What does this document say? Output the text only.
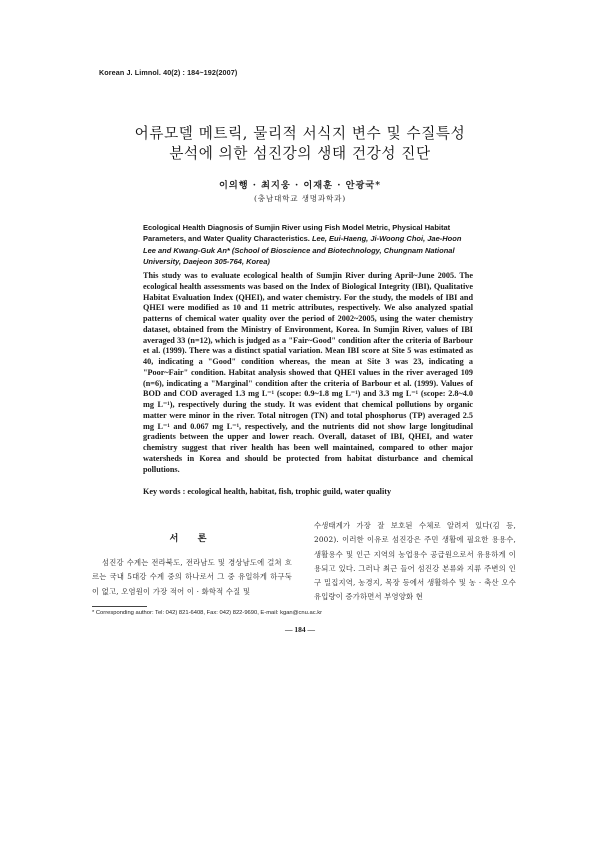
Korean J. Limnol. 40(2) : 184~192(2007)
어류모델 메트릭, 물리적 서식지 변수 및 수질특성
분석에 의한 섬진강의 생태 건강성 진단
이의행 · 최지웅 · 이재훈 · 안광국*
(충남대학교 생명과학과)
Ecological Health Diagnosis of Sumjin River using Fish Model Metric, Physical Habitat Parameters, and Water Quality Characteristics. Lee, Eui-Haeng, Ji-Woong Choi, Jae-Hoon Lee and Kwang-Guk An* (School of Bioscience and Biotechnology, Chungnam National University, Daejeon 305-764, Korea)
This study was to evaluate ecological health of Sumjin River during April~June 2005. The ecological health assessments was based on the Index of Biological Integrity (IBI), Qualitative Habitat Evaluation Index (QHEI), and water chemistry. For the study, the models of IBI and QHEI were modified as 10 and 11 metric attributes, respectively. We also analyzed spatial patterns of chemical water quality over the period of 2002~2005, using the water chemistry dataset, obtained from the Ministry of Environment, Korea. In Sumjin River, values of IBI averaged 33 (n=12), which is judged as a "Fair~Good" condition after the criteria of Barbour et al. (1999). There was a distinct spatial variation. Mean IBI score at Site 5 was estimated as 40, indicating a "Good" condition whereas, the mean at Site 3 was 23, indicating a "Poor~Fair" condition. Habitat analysis showed that QHEI values in the river averaged 109 (n=6), indicating a "Marginal" condition after the criteria of Barbour et al. (1999). Values of BOD and COD averaged 1.3 mg L⁻¹ (scope: 0.9~1.8 mg L⁻¹) and 3.3 mg L⁻¹ (scope: 2.8~4.0 mg L⁻¹), respectively during the study. It was evident that chemical pollutions by organic matter were minor in the river. Total nitrogen (TN) and total phosphorus (TP) averaged 2.5 mg L⁻¹ and 0.067 mg L⁻¹, respectively, and the nutrients did not show large longitudinal gradients between the upper and lower reach. Overall, dataset of IBI, QHEI, and water chemistry suggest that river health has been well maintained, compared to other major watersheds in Korea and should be protected from habitat disturbance and chemical pollutions.
Key words : ecological health, habitat, fish, trophic guild, water quality
서 론
섬진강 수계는 전라북도, 전라남도 및 경상남도에 걸쳐 흐르는 국내 5대강 수계 중의 하나로서 그 중 유일하게 하구둑이 없고, 오염원이 가장 적어 이 · 화학적 수질 및
수생태계가 가장 잘 보호된 수체로 알려져 있다(김 등, 2002). 이러한 이유로 섬진강은 주민 생활에 필요한 용용수, 생활용수 및 인근 지역의 농업용수 공급원으로서 유용하게 이용되고 있다. 그러나 최근 들어 섬진강 본류와 지류 주변의 인구 밀집지역, 농경지, 목장 등에서 생활하수 및 농 · 축산 오수 유입량이 증가하면서 부영양화 현
* Corresponding author: Tel: 042) 821-6408, Fax: 042) 822-9690, E-mail: kgan@cnu.ac.kr
— 184 —
